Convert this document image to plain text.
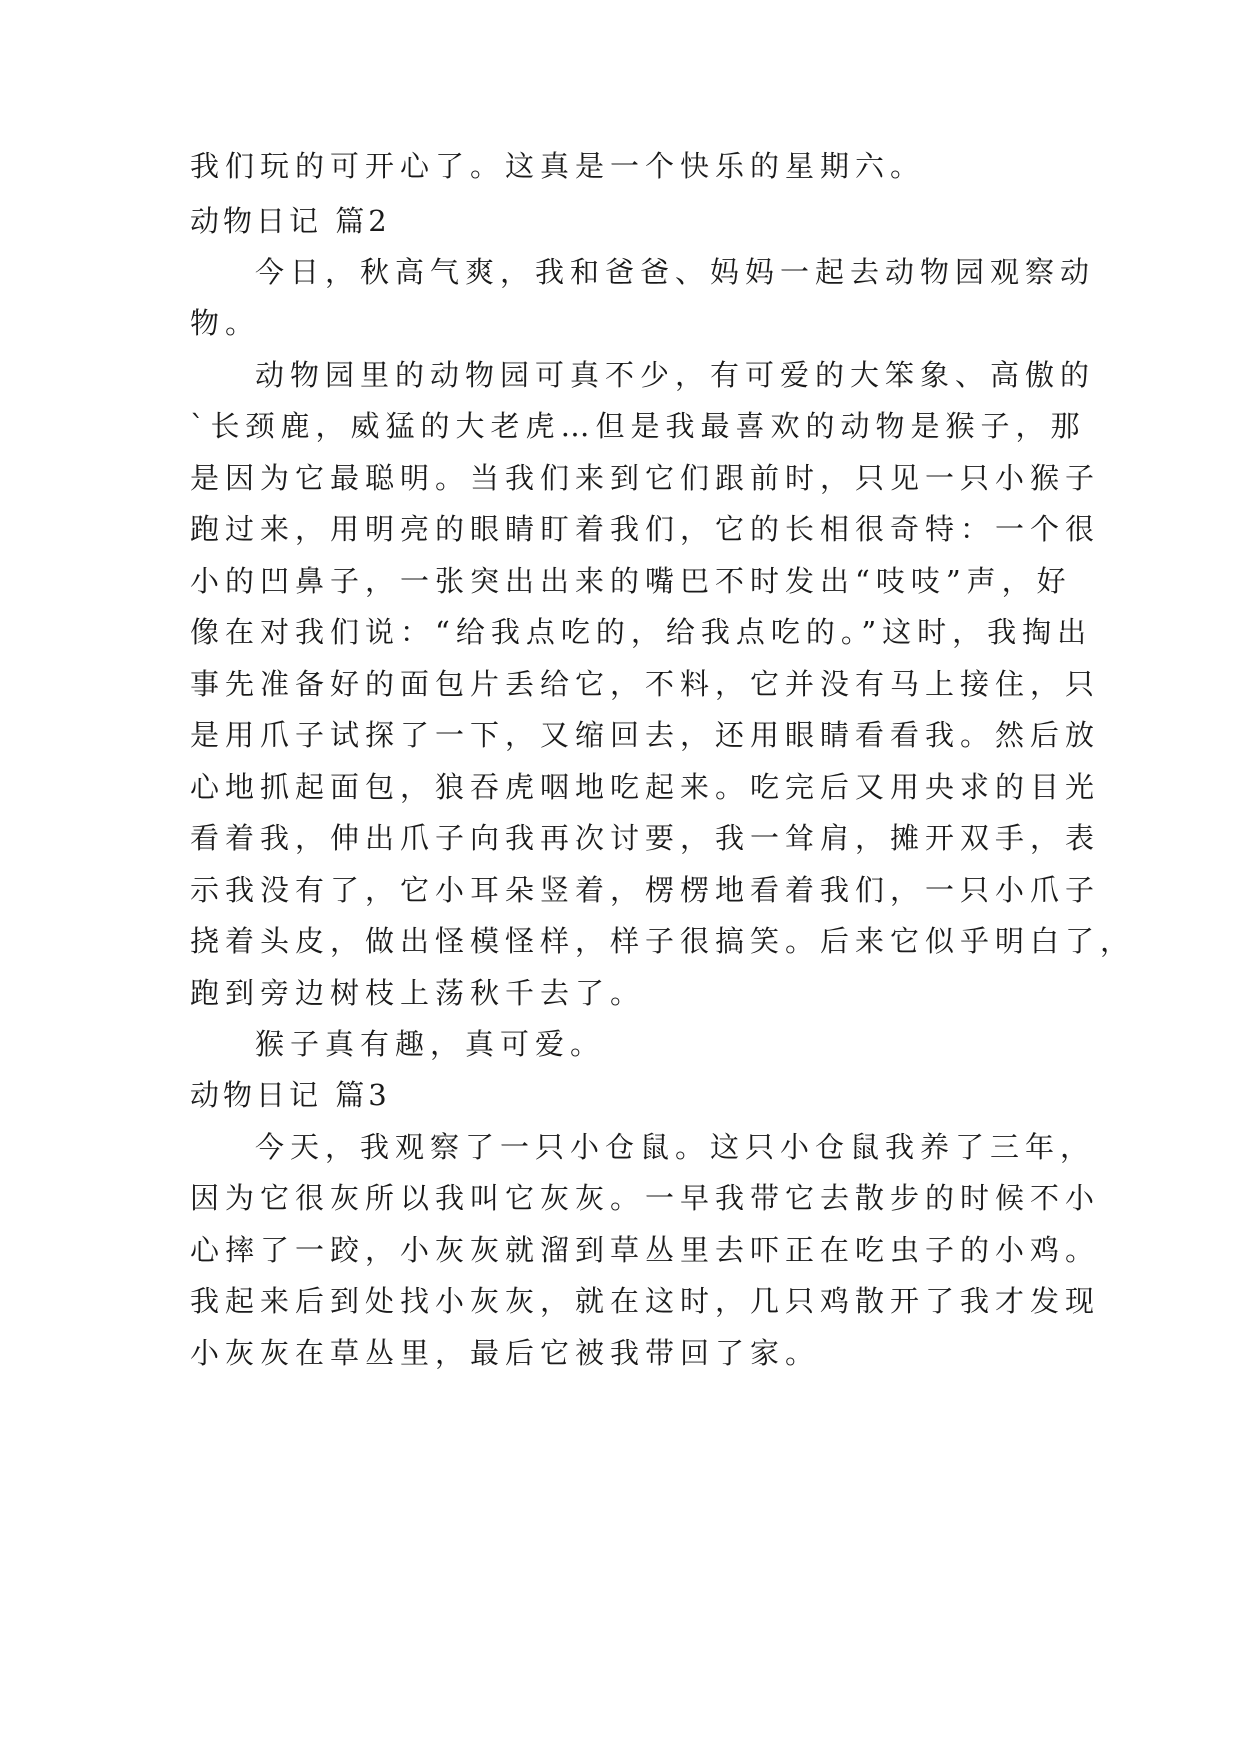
我们玩的可开心了。这真是一个快乐的星期六。
动物日记 篇2
今日，秋高气爽，我和爸爸、妈妈一起去动物园观察动
物。
动物园里的动物园可真不少，有可爱的大笨象、高傲的
`长颈鹿，威猛的大老虎…但是我最喜欢的动物是猴子，那
是因为它最聪明。当我们来到它们跟前时，只见一只小猴子
跑过来，用明亮的眼睛盯着我们，它的长相很奇特：一个很
小的凹鼻子，一张突出出来的嘴巴不时发出“吱吱”声，好
像在对我们说：“给我点吃的，给我点吃的。”这时，我掏出
事先准备好的面包片丢给它，不料，它并没有马上接住，只
是用爪子试探了一下，又缩回去，还用眼睛看看我。然后放
心地抓起面包，狼吞虎咽地吃起来。吃完后又用央求的目光
看着我，伸出爪子向我再次讨要，我一耸肩，摊开双手，表
示我没有了，它小耳朵竖着，楞楞地看着我们，一只小爪子
挠着头皮，做出怪模怪样，样子很搞笑。后来它似乎明白了，
跑到旁边树枝上荡秋千去了。
猴子真有趣，真可爱。
动物日记 篇3
今天，我观察了一只小仓鼠。这只小仓鼠我养了三年，
因为它很灰所以我叫它灰灰。一早我带它去散步的时候不小
心摔了一跤，小灰灰就溜到草丛里去吓正在吃虫子的小鸡。
我起来后到处找小灰灰，就在这时，几只鸡散开了我才发现
小灰灰在草丛里，最后它被我带回了家。
